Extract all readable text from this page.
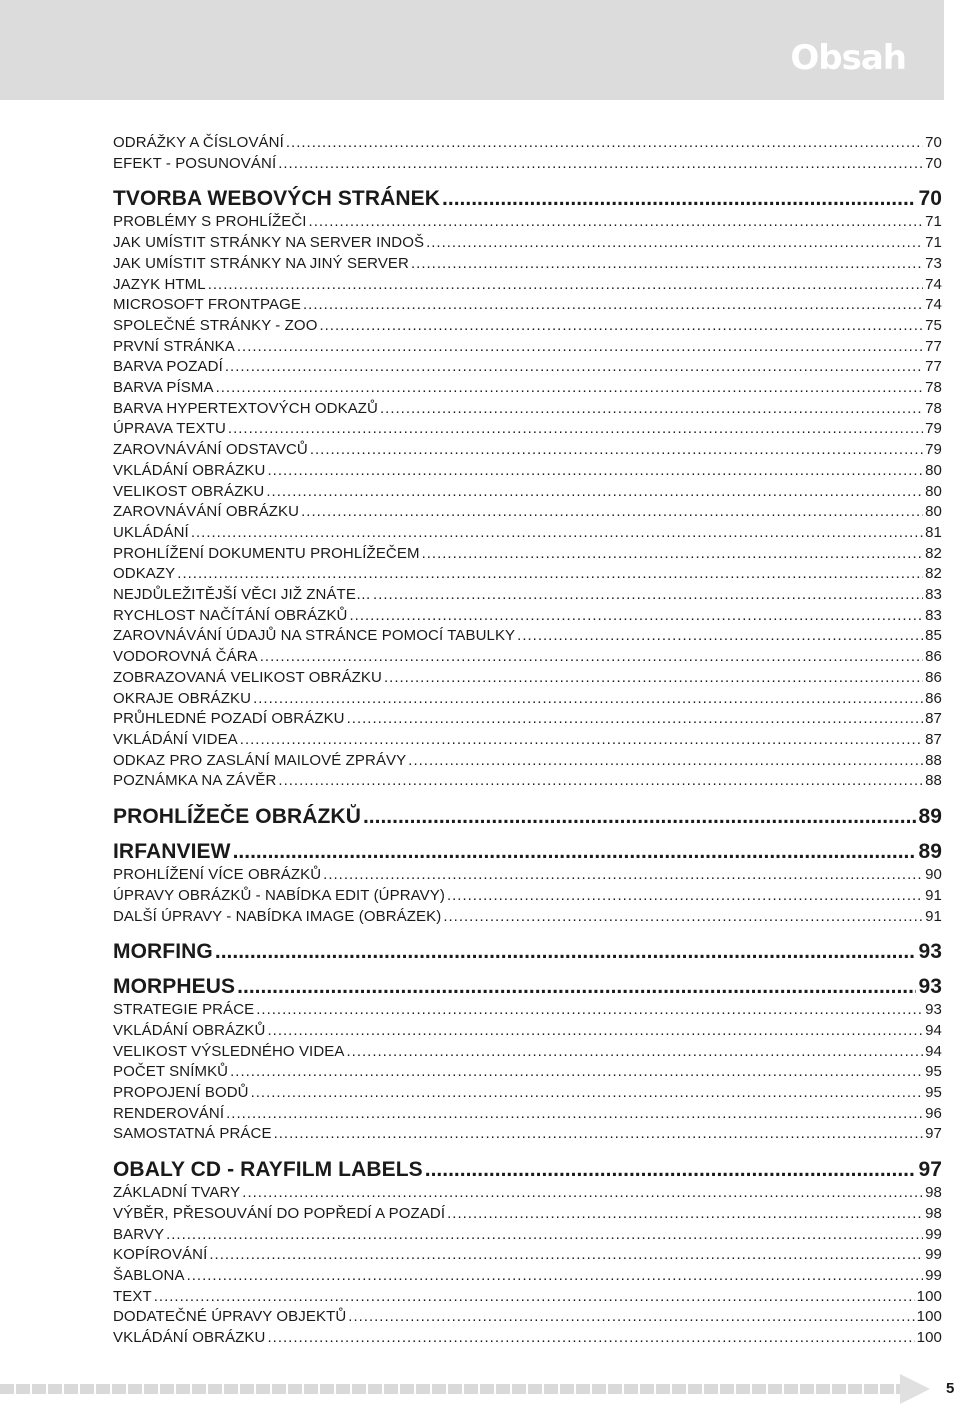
Obsah
ODRÁŽKY A ČÍSLOVÁNÍ .....	70
EFEKT - POSUNOVÁNÍ .....	70
TVORBA WEBOVÝCH STRÁNEK .....	70
PROBLÉMY S PROHLÍŽEČI .....	71
JAK UMÍSTIT STRÁNKY NA SERVER INDOŠ .....	71
JAK UMÍSTIT STRÁNKY NA JINÝ SERVER .....	73
JAZYK HTML .....	74
MICROSOFT FRONTPAGE .....	74
SPOLEČNÉ STRÁNKY - ZOO .....	75
PRVNÍ STRÁNKA .....	77
BARVA POZADÍ .....	77
BARVA PÍSMA .....	78
BARVA HYPERTEXTOVÝCH ODKAZŮ .....	78
ÚPRAVA TEXTU .....	79
ZAROVNÁVÁNÍ ODSTAVCŮ .....	79
VKLÁDÁNÍ OBRÁZKU .....	80
VELIKOST OBRÁZKU .....	80
ZAROVNÁVÁNÍ OBRÁZKU .....	80
UKLÁDÁNÍ .....	81
PROHLÍŽENÍ DOKUMENTU PROHLÍŽEČEM .....	82
ODKAZY .....	82
NEJDŮLEŽITĚJŠÍ VĚCI JIŽ ZNÁTE… .....	83
RYCHLOST NAČÍTÁNÍ OBRÁZKŮ .....	83
ZAROVNÁVÁNÍ ÚDAJŮ NA STRÁNCE POMOCÍ TABULKY .....	85
VODOROVNÁ ČÁRA .....	86
ZOBRAZOVANÁ VELIKOST OBRÁZKU .....	86
OKRAJE OBRÁZKU .....	86
PRŮHLEDNÉ POZADÍ OBRÁZKU .....	87
VKLÁDÁNÍ VIDEA .....	87
ODKAZ PRO ZASLÁNÍ MAILOVÉ ZPRÁVY .....	88
POZNÁMKA NA ZÁVĚR .....	88
PROHLÍŽEČE OBRÁZKŮ .....	89
IRFANVIEW .....	89
PROHLÍŽENÍ VÍCE OBRÁZKŮ .....	90
ÚPRAVY OBRÁZKŮ - NABÍDKA EDIT (ÚPRAVY) .....	91
DALŠÍ ÚPRAVY - NABÍDKA IMAGE (OBRÁZEK) .....	91
MORFING .....	93
MORPHEUS .....	93
STRATEGIE PRÁCE .....	93
VKLÁDÁNÍ OBRÁZKŮ .....	94
VELIKOST VÝSLEDNÉHO VIDEA .....	94
POČET SNÍMKŮ .....	95
PROPOJENÍ BODŮ .....	95
RENDEROVÁNÍ .....	96
SAMOSTATNÁ PRÁCE .....	97
OBALY CD - RAYFILM LABELS .....	97
ZÁKLADNÍ TVARY .....	98
VÝBĚR, PŘESOUVÁNÍ DO POPŘEDÍ A POZADÍ .....	98
BARVY .....	99
KOPÍROVÁNÍ .....	99
ŠABLONA .....	99
TEXT .....	100
DODATEČNÉ ÚPRAVY OBJEKTŮ .....	100
VKLÁDÁNÍ OBRÁZKU .....	100
5
